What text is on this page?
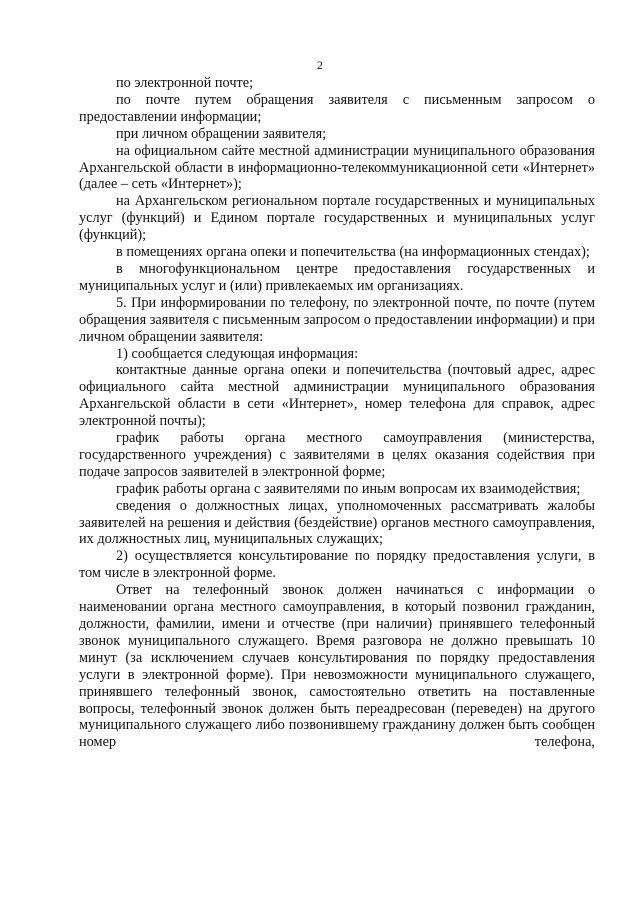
2

по электронной почте;

по почте путем обращения заявителя с письменным запросом о предоставлении информации;

при личном обращении заявителя;

на официальном сайте местной администрации муниципального образования Архангельской области в информационно-телекоммуникационной сети «Интернет» (далее – сеть «Интернет»);

на Архангельском региональном портале государственных и муниципальных услуг (функций) и Едином портале государственных и муниципальных услуг (функций);

в помещениях органа опеки и попечительства (на информационных стендах);

в многофункциональном центре предоставления государственных и муниципальных услуг и (или) привлекаемых им организациях.

5. При информировании по телефону, по электронной почте, по почте (путем обращения заявителя с письменным запросом о предоставлении информации) и при личном обращении заявителя:

1) сообщается следующая информация:

контактные данные органа опеки и попечительства (почтовый адрес, адрес официального сайта местной администрации муниципального образования Архангельской области в сети «Интернет», номер телефона для справок, адрес электронной почты);

график работы органа местного самоуправления (министерства, государственного учреждения) с заявителями в целях оказания содействия при подаче запросов заявителей в электронной форме;

график работы органа с заявителями по иным вопросам их взаимодействия;

сведения о должностных лицах, уполномоченных рассматривать жалобы заявителей на решения и действия (бездействие) органов местного самоуправления, их должностных лиц, муниципальных служащих;

2) осуществляется консультирование по порядку предоставления услуги, в том числе в электронной форме.

Ответ на телефонный звонок должен начинаться с информации о наименовании органа местного самоуправления, в который позвонил гражданин, должности, фамилии, имени и отчестве (при наличии) принявшего телефонный звонок муниципального служащего. Время разговора не должно превышать 10 минут (за исключением случаев консультирования по порядку предоставления услуги в электронной форме). При невозможности муниципального служащего, принявшего телефонный звонок, самостоятельно ответить на поставленные вопросы, телефонный звонок должен быть переадресован (переведен) на другого муниципального служащего либо позвонившему гражданину должен быть сообщен номер телефона,
